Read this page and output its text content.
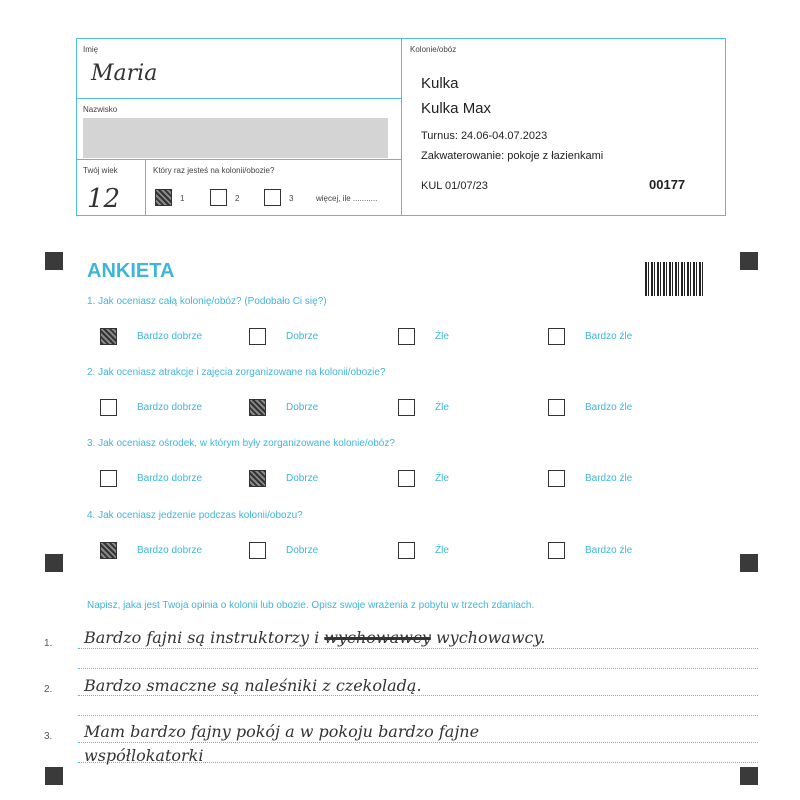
Imię
Maria
Nazwisko
Twój wiek
12
Który raz jesteś na kolonii/obozie?
1	2	3	więcej, ile ...........
Kolonie/obóz
Kulka
Kulka Max
Turnus: 24.06-04.07.2023
Zakwaterowanie: pokoje z łazienkami
KUL 01/07/23	00177
ANKIETA
1. Jak oceniasz całą kolonię/obóz? (Podobało Ci się?)
Bardzo dobrze	Dobrze	Źle	Bardzo źle
2. Jak oceniasz atrakcje i zajęcia zorganizowane na kolonii/obozie?
Bardzo dobrze	Dobrze	Źle	Bardzo źle
3. Jak oceniasz ośrodek, w którym były zorganizowane kolonie/obóz?
Bardzo dobrze	Dobrze	Źle	Bardzo źle
4. Jak oceniasz jedzenie podczas kolonii/obozu?
Bardzo dobrze	Dobrze	Źle	Bardzo źle
Napisz, jaka jest Twoja opinia o kolonii lub obozie. Opisz swoje wrażenia z pobytu w trzech zdaniach.
1.
2.
3.
Bardzo fajni są instruktorzy i wychowawcy wychowawcy.
Bardzo smaczne są naleśniki z czekoladą.
Mam bardzo fajny pokój a w pokoju bardzo fajne
współlokatorki
